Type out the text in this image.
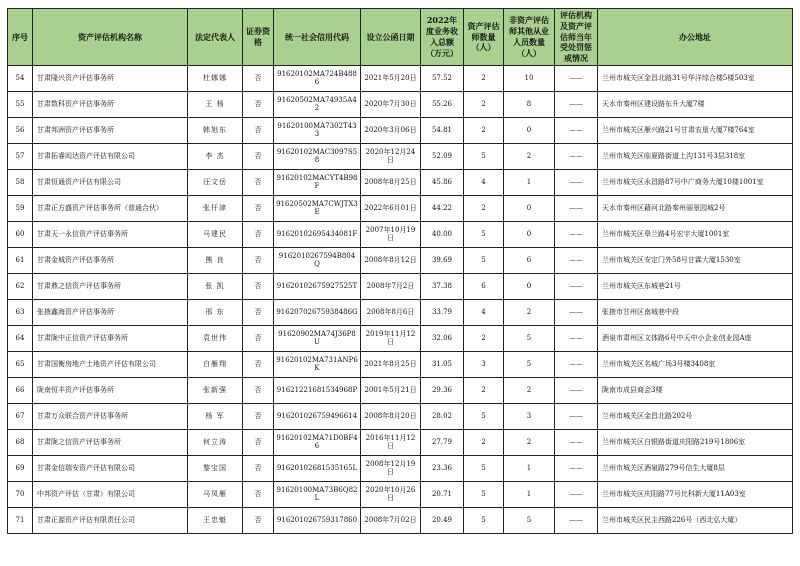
序号	资产评估机构名称	法定代表人	证券资格	统一社会信用代码	设立公函日期	2022年度业务收入总额（万元）	资产评估师数量（人）	非资产评估师其他从业人员数量（人）	评估机构及资产评估师当年受处罚惩戒情况	办公地址
54	甘肃隆兴资产评估事务所	杜娜娜	否	91620102MA724B4886	2021年5月20日	57.52	2	10	——	兰州市城关区金昌北路31号华洋综合楼5楼503室
55	甘肃数科资产评估事务所	王 杨	否	91620502MA74935A42	2020年7月30日	55.26	2	8	——	天水市秦州区建设路东升大厦7楼
56	甘肃邦洲资产评估事务所	韩旭东	否	91620100MA7302T433	2020年3月06日	54.81	2	0	——	兰州市城关区雁兴路21号甘肃农垦大厦7楼764室
57	甘肃拓睿闳达资产评估有限公司	李 杰	否	91620102MAC3097S58	2020年12月24日	52.09	5	2	——	兰州市城关区临夏路街道上沟131号3层318室
58	甘肃恒通资产评估有限公司	汪文岳	否	91620102MACYT4B98F	2008年8月25日	45.86	4	1	——	兰州市城关区永昌路87号中广商务大厦10楼1001室
59	甘肃正方盛资产评估事务所（普通合伙）	张仟津	否	91620502MA7CWJTX3E	2022年6月01日	44.22	2	0	——	天水市秦州区藉河北路秦州丽景园城2号
60	甘肃天一永信资产评估事务所	马建民	否	91620102695434081F	2007年10月19日	40.00	5	0	——	兰州市城关区皋兰路4号宏宇大厦1001室
61	甘肃金城资产评估事务所	熊 良	否	9162010267594B804Q	2008年8月12日	39.69	5	6	——	兰州市城关区安定门外58号甘霖大厦1530室
62	甘肃鼎之信资产评估事务所	张 凯	否	91620102675927525T	2008年7月2日	37.38	6	0	——	兰州市城关区东城巷21号
63	张掖鑫海资产评估事务所	邢 东	否	91620702675938486G	2008年8月6日	33.79	4	2	——	张掖市甘州区南城巷中段
64	甘肃陇中正信资产评估事务所	袁世伟	否	91620902MA74J36P8U	2019年11月12日	32.06	2	5	——	酒泉市肃州区文体路6号中天中小企业创业园A座
65	甘肃国衡房地产土地资产评估有限公司	白雁翔	否	91620102MA731ANP6K	2021年8月25日	31.05	3	5	——	兰州市城关区名城广场3号楼3408室
66	陇南恒丰资产评估事务所	张新强	否	91621221681534968P	2001年5月21日	29.36	2	2	——	陇南市成县商会3楼
67	甘肃万众联合资产评估事务所	杨 军	否	916201026759496614	2008年8月20日	28.02	5	3	——	兰州市城关区金昌北路202号
68	甘肃陇之信资产评估事务所	何立涛	否	91620102MA71D0BF46	2016年11月12日	27.79	2	2	——	兰州市城关区白银路街道庆阳路219号1806室
69	甘肃金信瑞安资产评估有限公司	黎宝国	否	91620102681535165L	2008年12月19日	23.36	5	1	——	兰州市城关区酒泉路279号信生大厦8层
70	中邦资产评估（甘肃）有限公司	马凤雁	否	91620100MA73B6Q82L	2020年10月26日	20.71	5	1	——	兰州市城关区庆阳路77号比科新大厦11A03室
71	甘肃正源资产评估有限责任公司	王忠魁	否	916201026759317860	2008年7月02日	20.49	5	5	——	兰州市城关区民主西路226号（西北弘大厦）
